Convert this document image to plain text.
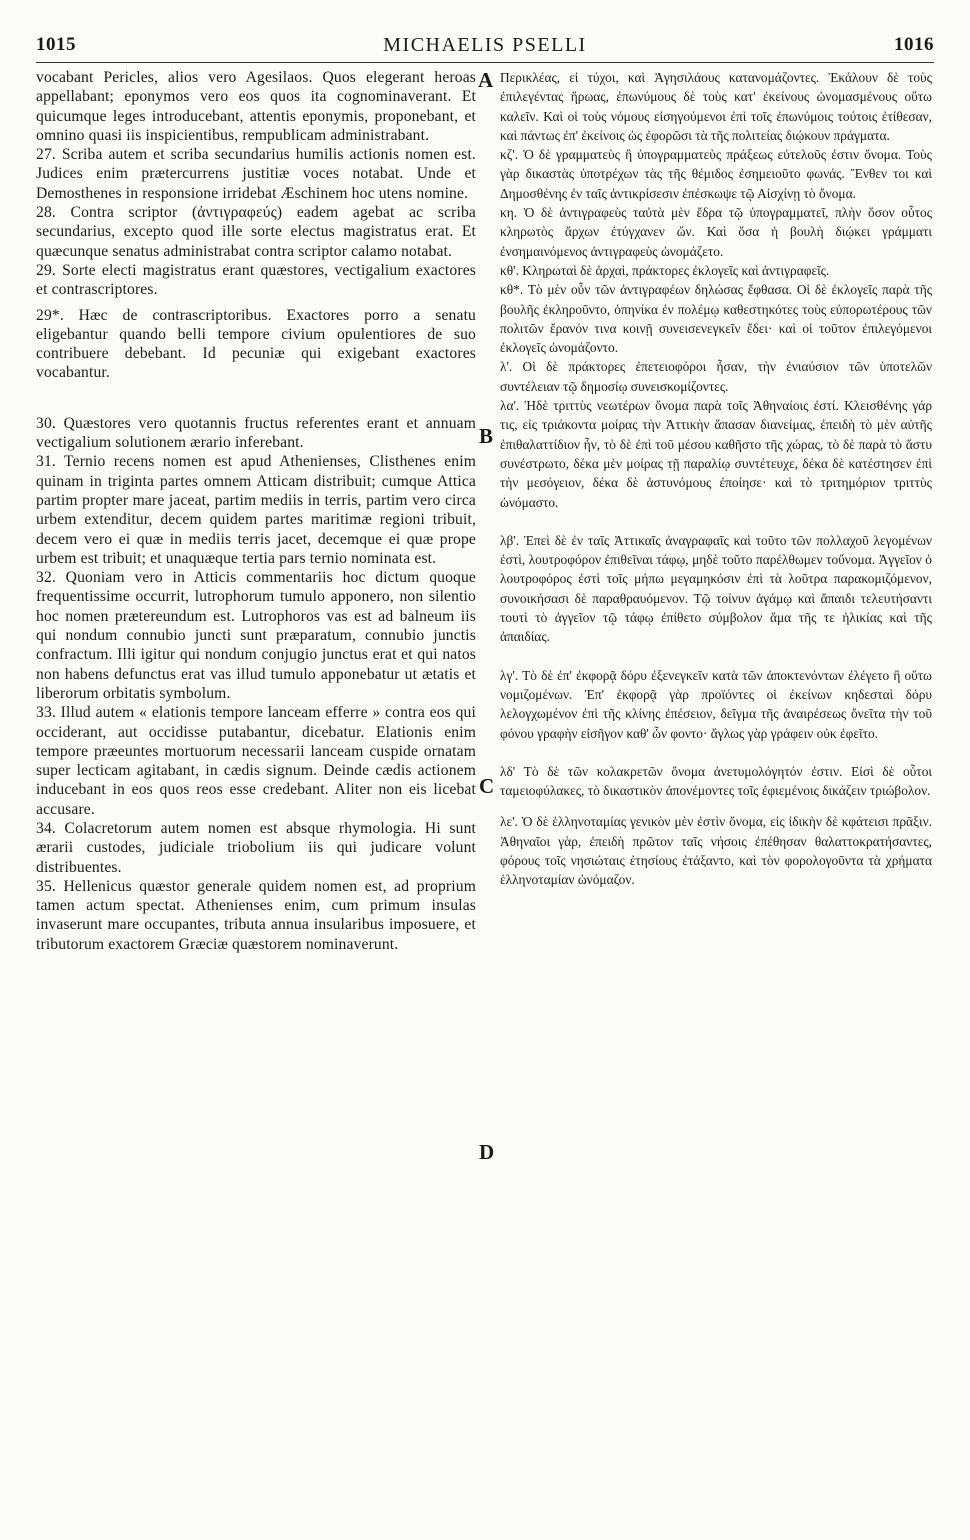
1015	MICHAELIS PSELLI	1016
A
B
C
D

vocabant Pericles, alios vero Agesilaos. Quos elegerant heroas appellabant; eponymos vero eos quos ita cognominaverant. Et quicumque leges introducebant, attentis eponymis, proponebant, et omnino quasi iis inspicientibus, rempublicam administrabant.

27. Scriba autem et scriba secundarius humilis actionis nomen est. Judices enim prætercurrens justitiæ voces notabat. Unde et Demosthenes in responsione irridebat Æschinem hoc utens nomine.

28. Contra scriptor (ἀντιγραφεύς) eadem agebat ac scriba secundarius, excepto quod ille sorte electus magistratus erat. Et quæcunque senatus administrabat contra scriptor calamo notabat.

29. Sorte electi magistratus erant quæstores, vectigalium exactores et contrascriptores.

29*. Hæc de contrascriptoribus. Exactores porro a senatu eligebantur quando belli tempore civium opulentiores de suo contribuere debebant. Id pecuniæ qui exigebant exactores vocabantur.

30. Quæstores vero quotannis fructus referentes erant et annuam vectigalium solutionem ærario inferebant.

31. Ternio recens nomen est apud Athenienses, Clisthenes enim quinam in triginta partes omnem Atticam distribuit; cumque Attica partim propter mare jaceat, partim mediis in terris, partim vero circa urbem extenditur, decem quidem partes maritimæ regioni tribuit, decem vero ei quæ in mediis terris jacet, decemque ei quæ prope urbem est tribuit; et unaquæque tertia pars ternio nominata est.

32. Quoniam vero in Atticis commentariis hoc dictum quoque frequentissime occurrit, lutrophorum tumulo apponero, non silentio hoc nomen prætereundum est. Lutrophoros vas est ad balneum iis qui nondum connubio juncti sunt præparatum, connubio junctis confractum. Illi igitur qui nondum conjugio junctus erat et qui natos non habens defunctus erat vas illud tumulo apponebatur ut ætatis et liberorum orbitatis symbolum.

33. Illud autem « elationis tempore lanceam efferre » contra eos qui occiderant, aut occidisse putabantur, dicebatur. Elationis enim tempore præeuntes mortuorum necessarii lanceam cuspide ornatam super lecticam agitabant, in cædis signum. Deinde cædis actionem inducebant in eos quos reos esse credebant. Aliter non eis licebat accusare.

34. Colacretorum autem nomen est absque rhymologia. Hi sunt ærarii custodes, judiciale triobolium iis qui judicare volunt distribuentes.

35. Hellenicus quæstor generale quidem nomen est, ad proprium tamen actum spectat. Athenienses enim, cum primum insulas invaserunt mare occupantes, tributa annua insularibus imposuere, et tributorum exactorem Græciæ quæstorem nominaverunt.

Περικλέας, εἰ τύχοι, καὶ Ἀγησιλάους κατανομάζοντες. Ἐκάλουν δὲ τοὺς ἐπιλεγέντας ἥρωας, ἐπωνύμους δὲ τοὺς κατ' ἐκείνους ὠνομασμένους οὕτω καλεῖν. Καὶ οἱ τοὺς νόμους εἰσηγούμενοι ἐπὶ τοῖς ἐπωνύμοις τούτοις ἐτίθεσαν, καὶ πάντως ἐπ' ἐκείνοις ὡς ἐφορῶσι τὰ τῆς πολιτείας διῴκουν πράγματα.

κζ'. Ὁ δὲ γραμματεὺς ἢ ὑπογραμματεὺς πράξεως εὐτελοῦς ἐστιν ὄνομα. Τοὺς γὰρ δικαστὰς ὑποτρέχων τὰς τῆς θέμιδος ἐσημειοῦτο φωνάς. Ἔνθεν τοι καὶ Δημοσθένης ἐν ταῖς ἀντικρίσεσιν ἐπέσκωψε τῷ Αἰσχίνῃ τὸ ὄνομα.

κη. Ὁ δὲ ἀντιγραφεὺς ταὐτὰ μὲν ἔδρα τῷ ὑπογραμματεῖ, πλὴν ὅσον οὗτος κληρωτὸς ἄρχων ἐτύγχανεν ὤν. Καὶ ὅσα ἡ βουλὴ διῴκει γράμματι ἐνσημαινόμενος ἀντιγραφεὺς ὠνομάζετο.

κθ'. Κληρωταὶ δὲ ἀρχαὶ, πράκτορες ἐκλογεῖς καὶ ἀντιγραφεῖς.

κθ*. Τὸ μὲν οὖν τῶν ἀντιγραφέων δηλώσας ἔφθασα. Οἱ δὲ ἐκλογεῖς παρὰ τῆς βουλῆς ἐκληροῦντο, ὁπηνίκα ἐν πολέμῳ καθεστηκότες τοὺς εὐπορωτέρους τῶν πολιτῶν ἔρανόν τινα κοινῇ συνεισενεγκεῖν ἔδει· καὶ οἱ τοῦτον ἐπιλεγόμενοι ἐκλογεῖς ὠνομάζοντο.

λ'. Οἱ δὲ πράκτορες ἐπετειοφόροι ἦσαν, τὴν ἐνιαύσιον τῶν ὑποτελῶν συντέλειαν τῷ δημοσίῳ συνεισκομίζοντες.

λα'. Ἡδὲ τριττὺς νεωτέρων ὄνομα παρὰ τοῖς Ἀθηναίοις ἐστί. Κλεισθένης γάρ τις, εἰς τριάκοντα μοίρας τὴν Ἀττικὴν ἅπασαν διανείμας, ἐπειδὴ τὸ μὲν αὐτῆς ἐπιθαλαττίδιον ἦν, τὸ δὲ ἐπὶ τοῦ μέσου καθῆστο τῆς χώρας, τὸ δὲ παρὰ τὸ ἄστυ συνέστρωτο, δέκα μὲν μοίρας τῇ παραλίῳ συντέτευχε, δέκα δὲ κατέστησεν ἐπὶ τὴν μεσόγειον, δέκα δὲ ἀστυνόμους ἐποίησε· καὶ τὸ τριτημόριον τριττὺς ὠνόμαστο.

λβ'. Ἐπεὶ δὲ ἐν ταῖς Ἀττικαῖς ἀναγραφαῖς καὶ τοῦτο τῶν πολλαχοῦ λεγομένων ἐστὶ, λουτροφόρον ἐπιθεῖναι τάφῳ, μηδὲ τοῦτο παρέλθωμεν τοὔνομα. Ἀγγεῖον ὁ λουτροφόρος ἐστὶ τοῖς μήπω μεγαμηκόσιν ἐπὶ τὰ λοῦτρα παρακομιζόμενον, συνοικήσασι δὲ παραθραυόμενον. Τῷ τοίνυν ἀγάμῳ καὶ ἄπαιδι τελευτήσαντι τουτὶ τὸ ἀγγεῖον τῷ τάφῳ ἐπίθετο σύμβολον ἅμα τῆς τε ἡλικίας καὶ τῆς ἀπαιδίας.

λγ'. Τὸ δὲ ἐπ' ἐκφορᾷ δόρυ ἐξενεγκεῖν κατὰ τῶν ἀποκτενόντων ἐλέγετο ἢ οὕτω νομιζομένων. Ἐπ' ἐκφορᾷ γὰρ προϊόντες οἱ ἐκείνων κηδεσταὶ δόρυ λελογχωμένον ἐπὶ τῆς κλίνης ἐπέσειον, δεῖγμα τῆς ἀναιρέσεως ὄνεῖτα τὴν τοῦ φόνου γραφὴν εἰσῆγον καθ' ὧν φοντο· ἄγλως γὰρ γράφειν οὐκ ἐφεῖτο.

λδ' Τὸ δὲ τῶν κολακρετῶν ὄνομα ἀνετυμολόγητόν ἐστιν. Εἰσὶ δὲ οὗτοι ταμειοφύλακες, τὸ δικαστικὸν ἀπονέμοντες τοῖς ἐφιεμένοις δικάζειν τριώβολον.

λε'. Ὁ δὲ ἑλληνοταμίας γενικὸν μὲν ἐστὶν ὄνομα, εἰς ἰδικὴν δὲ κφάτεισι πρᾶξιν. Ἀθηναῖοι γὰρ, ἐπειδὴ πρῶτον ταῖς νήσοις ἐπέθησαν θαλαττοκρατήσαντες, φόρους τοῖς νησιώταις ἐτησίους ἐτάξαντο, καὶ τὸν φορολογοῦντα τὰ χρήματα ἑλληνοταμίαν ὠνόμαζον.
